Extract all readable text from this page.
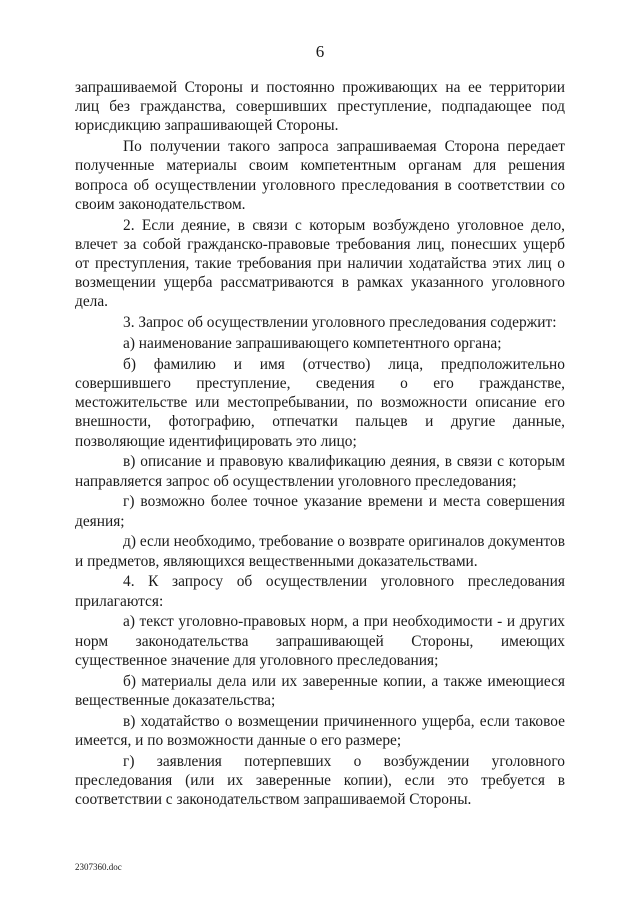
6

запрашиваемой Стороны и постоянно проживающих на ее территории лиц без гражданства, совершивших преступление, подпадающее под юрисдикцию запрашивающей Стороны.

По получении такого запроса запрашиваемая Сторона передает полученные материалы своим компетентным органам для решения вопроса об осуществлении уголовного преследования в соответствии со своим законодательством.

2. Если деяние, в связи с которым возбуждено уголовное дело, влечет за собой гражданско-правовые требования лиц, понесших ущерб от преступления, такие требования при наличии ходатайства этих лиц о возмещении ущерба рассматриваются в рамках указанного уголовного дела.

3. Запрос об осуществлении уголовного преследования содержит:

а) наименование запрашивающего компетентного органа;

б) фамилию и имя (отчество) лица, предположительно совершившего преступление, сведения о его гражданстве, местожительстве или местопребывании, по возможности описание его внешности, фотографию, отпечатки пальцев и другие данные, позволяющие идентифицировать это лицо;

в) описание и правовую квалификацию деяния, в связи с которым направляется запрос об осуществлении уголовного преследования;

г) возможно более точное указание времени и места совершения деяния;

д) если необходимо, требование о возврате оригиналов документов и предметов, являющихся вещественными доказательствами.

4. К запросу об осуществлении уголовного преследования прилагаются:

а) текст уголовно-правовых норм, а при необходимости - и других норм законодательства запрашивающей Стороны, имеющих существенное значение для уголовного преследования;

б) материалы дела или их заверенные копии, а также имеющиеся вещественные доказательства;

в) ходатайство о возмещении причиненного ущерба, если таковое имеется, и по возможности данные о его размере;

г) заявления потерпевших о возбуждении уголовного преследования (или их заверенные копии), если это требуется в соответствии с законодательством запрашиваемой Стороны.

2307360.doc
